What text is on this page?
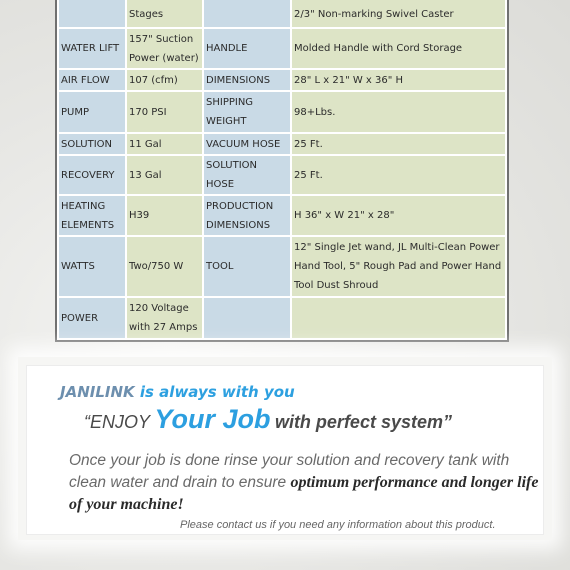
	Stages		2/3" Non-marking Swivel Caster
WATER LIFT	157" Suction Power (water)	HANDLE	Molded Handle with Cord Storage
AIR FLOW	107 (cfm)	DIMENSIONS	28" L x 21" W x 36" H
PUMP	170 PSI	SHIPPING WEIGHT	98+Lbs.
SOLUTION	11 Gal	VACUUM HOSE	25 Ft.
RECOVERY	13 Gal	SOLUTION HOSE	25 Ft.
HEATING ELEMENTS	H39	PRODUCTION DIMENSIONS	H 36" x W 21" x 28"
WATTS	Two/750 W	TOOL	12" Single Jet wand, JL Multi-Clean Power Hand Tool, 5" Rough Pad and Power Hand Tool Dust Shroud
POWER	120 Voltage with 27 Amps		
JANILINK is always with you
“ENJOY Your Job with perfect system”
Once your job is done rinse your solution and recovery tank with clean water and drain to ensure optimum performance and longer life of your machine!
Please contact us if you need any information about this product.
